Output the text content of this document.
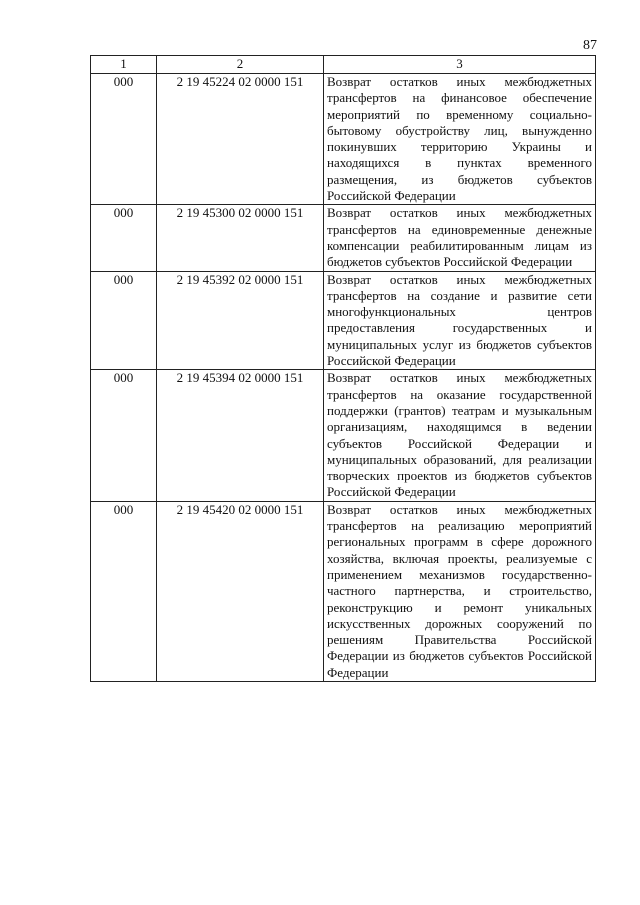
87
1	2	3
000	2 19 45224 02 0000 151	Возврат остатков иных межбюджетных трансфертов на финансовое обеспечение мероприятий по временному социально-бытовому обустройству лиц, вынужденно покинувших территорию Украины и находящихся в пунктах временного размещения, из бюджетов субъектов Российской Федерации
000	2 19 45300 02 0000 151	Возврат остатков иных межбюджетных трансфертов на единовременные денежные компенсации реабилитированным лицам из бюджетов субъектов Российской Федерации
000	2 19 45392 02 0000 151	Возврат остатков иных межбюджетных трансфертов на создание и развитие сети многофункциональных центров предоставления государственных и муниципальных услуг из бюджетов субъектов Российской Федерации
000	2 19 45394 02 0000 151	Возврат остатков иных межбюджетных трансфертов на оказание государственной поддержки (грантов) театрам и музыкальным организациям, находящимся в ведении субъектов Российской Федерации и муниципальных образований, для реализации творческих проектов из бюджетов субъектов Российской Федерации
000	2 19 45420 02 0000 151	Возврат остатков иных межбюджетных трансфертов на реализацию мероприятий региональных программ в сфере дорожного хозяйства, включая проекты, реализуемые с применением механизмов государственно-частного партнерства, и строительство, реконструкцию и ремонт уникальных искусственных дорожных сооружений по решениям Правительства Российской Федерации из бюджетов субъектов Российской Федерации
